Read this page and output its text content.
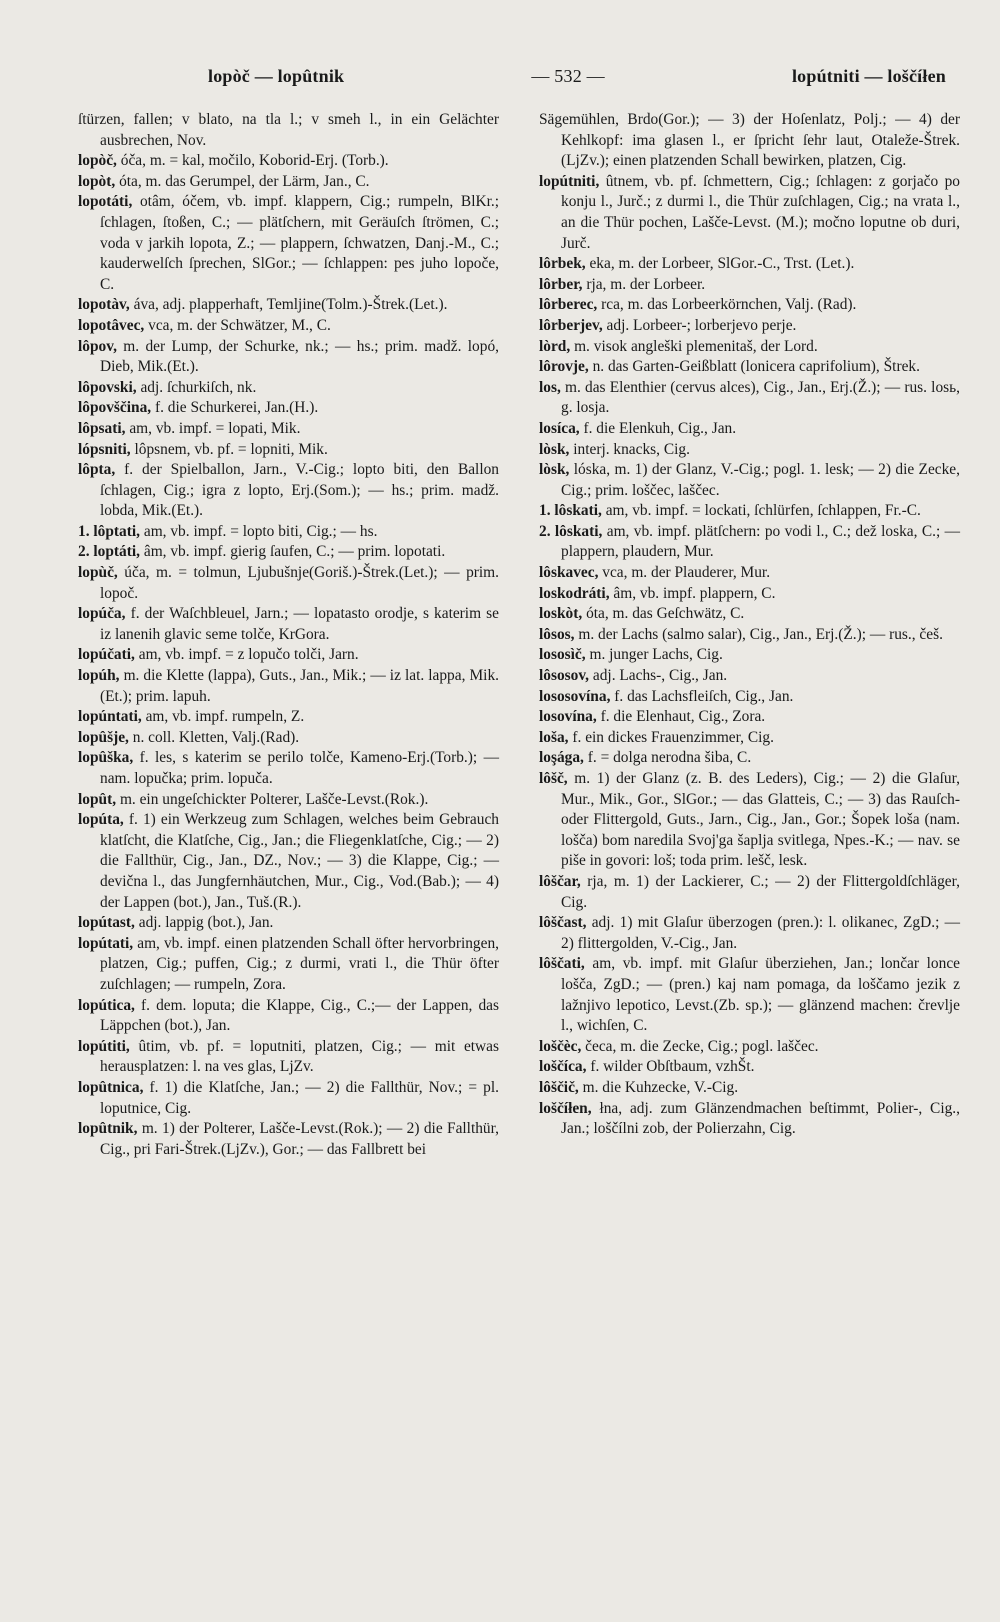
lopòč — lopûtnik	— 532 —	lopútniti — loščíłen

ſtürzen, fallen; v blato, na tla l.; v smeh l., in ein Gelächter ausbrechen, Nov.

lopòč, óča, m. = kal, močilo, Koborid-Erj. (Torb.).

lopòt, óta, m. das Gerumpel, der Lärm, Jan., C.

lopotáti, otâm, óčem, vb. impf. klappern, Cig.; rumpeln, BlKr.; ſchlagen, ſtoßen, C.; — plätſchern, mit Geräuſch ſtrömen, C.; voda v jarkih lopota, Z.; — plappern, ſchwatzen, Danj.-M., C.; kauderwelſch ſprechen, SlGor.; — ſchlappen: pes juho lopoče, C.

lopotàv, áva, adj. plapperhaft, Temljine(Tolm.)-Štrek.(Let.).

lopotâvec, vca, m. der Schwätzer, M., C.

lôpov, m. der Lump, der Schurke, nk.; — hs.; prim. madž. lopó, Dieb, Mik.(Et.).

lôpovski, adj. ſchurkiſch, nk.

lôpovščina, f. die Schurkerei, Jan.(H.).

lôpsati, am, vb. impf. = lopati, Mik.

lópsniti, lôpsnem, vb. pf. = lopniti, Mik.

lôpta, f. der Spielballon, Jarn., V.-Cig.; lopto biti, den Ballon ſchlagen, Cig.; igra z lopto, Erj.(Som.); — hs.; prim. madž. lobda, Mik.(Et.).

1. lôptati, am, vb. impf. = lopto biti, Cig.; — hs.

2. loptáti, âm, vb. impf. gierig ſaufen, C.; — prim. lopotati.

lopùč, úča, m. = tolmun, Ljubušnje(Goriš.)-Štrek.(Let.); — prim. lopoč.

lopúča, f. der Waſchbleuel, Jarn.; — lopatasto orodje, s katerim se iz lanenih glavic seme tolče, KrGora.

lopúčati, am, vb. impf. = z lopučo tolči, Jarn.

lopúh, m. die Klette (lappa), Guts., Jan., Mik.; — iz lat. lappa, Mik.(Et.); prim. lapuh.

lopúntati, am, vb. impf. rumpeln, Z.

lopûšje, n. coll. Kletten, Valj.(Rad).

lopûška, f. les, s katerim se perilo tolče, Kameno-Erj.(Torb.); —nam. lopučka; prim. lopuča.

lopût, m. ein ungeſchickter Polterer, Lašče-Levst.(Rok.).

lopúta, f. 1) ein Werkzeug zum Schlagen, welches beim Gebrauch klatſcht, die Klatſche, Cig., Jan.; die Fliegenklatſche, Cig.; — 2) die Fallthür, Cig., Jan., DZ., Nov.; — 3) die Klappe, Cig.; — devična l., das Jungfernhäutchen, Mur., Cig., Vod.(Bab.); — 4) der Lappen (bot.), Jan., Tuš.(R.).

lopútast, adj. lappig (bot.), Jan.

lopútati, am, vb. impf. einen platzenden Schall öfter hervorbringen, platzen, Cig.; puffen, Cig.; z durmi, vrati l., die Thür öfter zuſchlagen; — rumpeln, Zora.

lopútica, f. dem. loputa; die Klappe, Cig., C.;— der Lappen, das Läppchen (bot.), Jan.

lopútiti, ûtim, vb. pf. = loputniti, platzen, Cig.; — mit etwas herausplatzen: l. na ves glas, LjZv.

lopûtnica, f. 1) die Klatſche, Jan.; — 2) die Fallthür, Nov.; = pl. loputnice, Cig.

lopûtnik, m. 1) der Polterer, Lašče-Levst.(Rok.); — 2) die Fallthür, Cig., pri Fari-Štrek.(LjZv.), Gor.; — das Fallbrett bei

Sägemühlen, Brdo(Gor.); — 3) der Hoſenlatz, Polj.; — 4) der Kehlkopf: ima glasen l., er ſpricht ſehr laut, Otaleže-Štrek.(LjZv.); einen platzenden Schall bewirken, platzen, Cig.

lopútniti, ûtnem, vb. pf. ſchmettern, Cig.; ſchlagen: z gorjačo po konju l., Jurč.; z durmi l., die Thür zuſchlagen, Cig.; na vrata l., an die Thür pochen, Lašče-Levst. (M.); močno loputne ob duri, Jurč.

lôrbek, eka, m. der Lorbeer, SlGor.-C., Trst. (Let.).

lôrber, rja, m. der Lorbeer.

lôrberec, rca, m. das Lorbeerkörnchen, Valj. (Rad).

lôrberjev, adj. Lorbeer-; lorberjevo perje.

lòrd, m. visok angleški plemenitaš, der Lord.

lôrovje, n. das Garten-Geißblatt (lonicera caprifolium), Štrek.

los, m. das Elenthier (cervus alces), Cig., Jan., Erj.(Ž.); — rus. losь, g. losja.

losíca, f. die Elenkuh, Cig., Jan.

lòsk, interj. knacks, Cig.

lòsk, lóska, m. 1) der Glanz, V.-Cig.; pogl. 1. lesk; — 2) die Zecke, Cig.; prim. loščec, laščec.

1. lôskati, am, vb. impf. = lockati, ſchlürfen, ſchlappen, Fr.-C.

2. lôskati, am, vb. impf. plätſchern: po vodi l., C.; dež loska, C.; — plappern, plaudern, Mur.

lôskavec, vca, m. der Plauderer, Mur.

loskodráti, âm, vb. impf. plappern, C.

loskòt, óta, m. das Geſchwätz, C.

lôsos, m. der Lachs (salmo salar), Cig., Jan., Erj.(Ž.); — rus., češ.

lososìč, m. junger Lachs, Cig.

lôsosov, adj. Lachs-, Cig., Jan.

lososovína, f. das Lachsfleiſch, Cig., Jan.

losovína, f. die Elenhaut, Cig., Zora.

loša, f. ein dickes Frauenzimmer, Cig.

loşága, f. = dolga nerodna šiba, C.

lôšč, m. 1) der Glanz (z. B. des Leders), Cig.; — 2) die Glaſur, Mur., Mik., Gor., SlGor.; — das Glatteis, C.; — 3) das Rauſch- oder Flittergold, Guts., Jarn., Cig., Jan., Gor.; Šopek loša (nam. lošča) bom naredila Svoj'ga šaplja svitlega, Npes.-K.; — nav. se piše in govori: loš; toda prim. lešč, lesk.

lôščar, rja, m. 1) der Lackierer, C.; — 2) der Flittergoldſchläger, Cig.

lôščast, adj. 1) mit Glaſur überzogen (pren.): l. olikanec, ZgD.; — 2) flittergolden, V.-Cig., Jan.

lôščati, am, vb. impf. mit Glaſur überziehen, Jan.; lončar lonce lošča, ZgD.; — (pren.) kaj nam pomaga, da loščamo jezik z lažnjivo lepotico, Levst.(Zb. sp.); — glänzend machen: črevlje l., wichſen, C.

loščèc, čeca, m. die Zecke, Cig.; pogl. laščec.

loščíca, f. wilder Obſtbaum, vzhŠt.

lôščič, m. die Kuhzecke, V.-Cig.

loščíłen, łna, adj. zum Glänzendmachen beſtimmt, Polier-, Cig., Jan.; loščílni zob, der Polierzahn, Cig.
